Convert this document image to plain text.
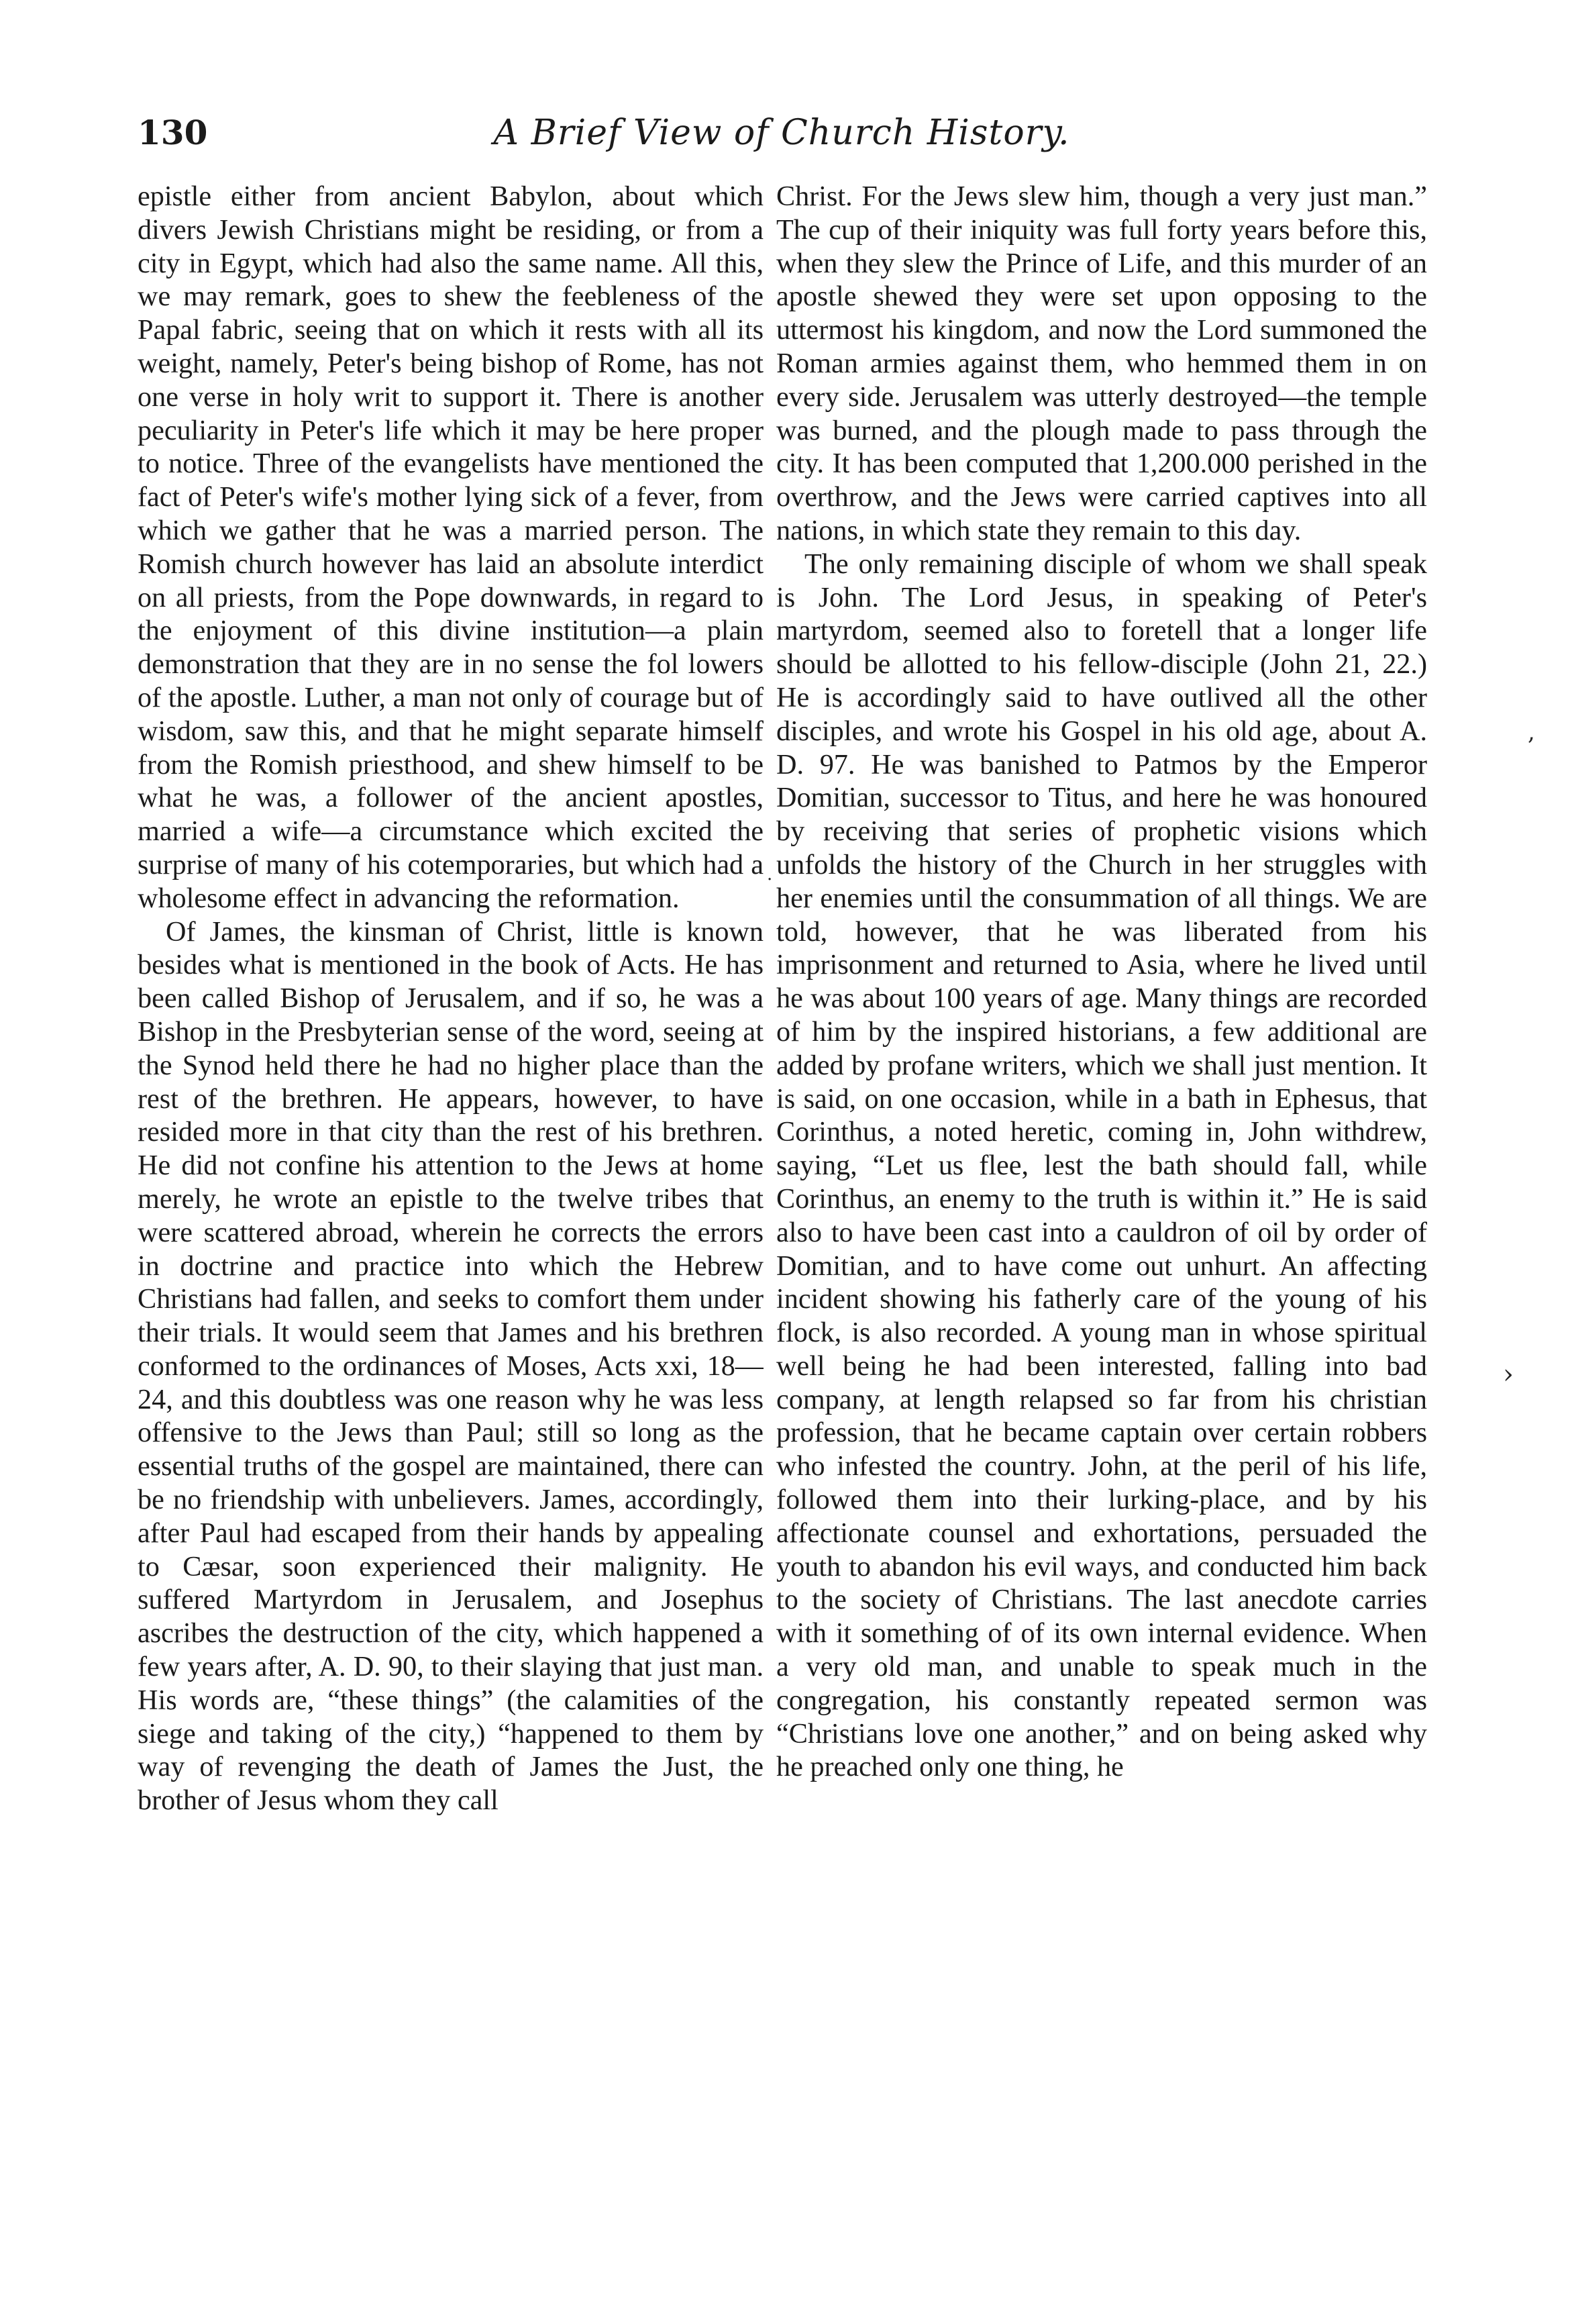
130	A Brief View of Church History.

epistle either from ancient Babylon, about which divers Jewish Christians might be residing, or from a city in Egypt, which had also the same name. All this, we may remark, goes to shew the feebleness of the Papal fabric, seeing that on which it rests with all its weight, namely, Peter's being bishop of Rome, has not one verse in holy writ to support it. There is another peculiarity in Peter's life which it may be here proper to notice. Three of the evangelists have mentioned the fact of Peter's wife's mother lying sick of a fever, from which we gather that he was a married person. The Romish church however has laid an absolute interdict on all priests, from the Pope downwards, in regard to the enjoyment of this divine institution—a plain demonstration that they are in no sense the fol lowers of the apostle. Luther, a man not only of courage but of wisdom, saw this, and that he might separate himself from the Romish priesthood, and shew himself to be what he was, a follower of the ancient apostles, married a wife—a circumstance which excited the surprise of many of his cotemporaries, but which had a wholesome effect in advancing the reformation.

Of James, the kinsman of Christ, little is known besides what is mentioned in the book of Acts. He has been called Bishop of Jerusalem, and if so, he was a Bishop in the Presbyterian sense of the word, seeing at the Synod held there he had no higher place than the rest of the brethren. He appears, however, to have resided more in that city than the rest of his brethren. He did not confine his attention to the Jews at home merely, he wrote an epistle to the twelve tribes that were scattered abroad, wherein he corrects the errors in doctrine and practice into which the Hebrew Christians had fallen, and seeks to comfort them under their trials. It would seem that James and his brethren conformed to the ordinances of Moses, Acts xxi, 18—24, and this doubtless was one reason why he was less offensive to the Jews than Paul; still so long as the essential truths of the gospel are maintained, there can be no friendship with unbelievers. James, accordingly, after Paul had escaped from their hands by appealing to Cæsar, soon experienced their malignity. He suffered Martyrdom in Jerusalem, and Josephus ascribes the destruction of the city, which happened a few years after, A. D. 90, to their slaying that just man. His words are, “these things” (the calamities of the siege and taking of the city,) “happened to them by way of revenging the death of James the Just, the brother of Jesus whom they call

Christ. For the Jews slew him, though a very just man.” The cup of their iniquity was full forty years before this, when they slew the Prince of Life, and this murder of an apostle shewed they were set upon opposing to the uttermost his kingdom, and now the Lord summoned the Roman armies against them, who hemmed them in on every side. Jerusalem was utterly destroyed—the temple was burned, and the plough made to pass through the city. It has been computed that 1,200.000 perished in the overthrow, and the Jews were carried captives into all nations, in which state they remain to this day.

The only remaining disciple of whom we shall speak is John. The Lord Jesus, in speaking of Peter's martyrdom, seemed also to foretell that a longer life should be allotted to his fellow-disciple (John 21, 22.) He is accordingly said to have outlived all the other disciples, and wrote his Gospel in his old age, about A. D. 97. He was banished to Patmos by the Emperor Domitian, successor to Titus, and here he was honoured by receiving that series of prophetic visions which unfolds the history of the Church in her struggles with her enemies until the consummation of all things. We are told, however, that he was liberated from his imprisonment and returned to Asia, where he lived until he was about 100 years of age. Many things are recorded of him by the inspired historians, a few additional are added by profane writers, which we shall just mention. It is said, on one occasion, while in a bath in Ephesus, that Corinthus, a noted heretic, coming in, John withdrew, saying, “Let us flee, lest the bath should fall, while Corinthus, an enemy to the truth is within it.” He is said also to have been cast into a cauldron of oil by order of Domitian, and to have come out unhurt. An affecting incident showing his fatherly care of the young of his flock, is also recorded. A young man in whose spiritual well being he had been interested, falling into bad company, at length relapsed so far from his christian profession, that he became captain over certain robbers who infested the country. John, at the peril of his life, followed them into their lurking-place, and by his affectionate counsel and exhortations, persuaded the youth to abandon his evil ways, and conducted him back to the society of Christians. The last anecdote carries with it something of of its own internal evidence. When a very old man, and unable to speak much in the congregation, his constantly repeated sermon was “Christians love one another,” and on being asked why he preached only one thing, he

,
›
·
